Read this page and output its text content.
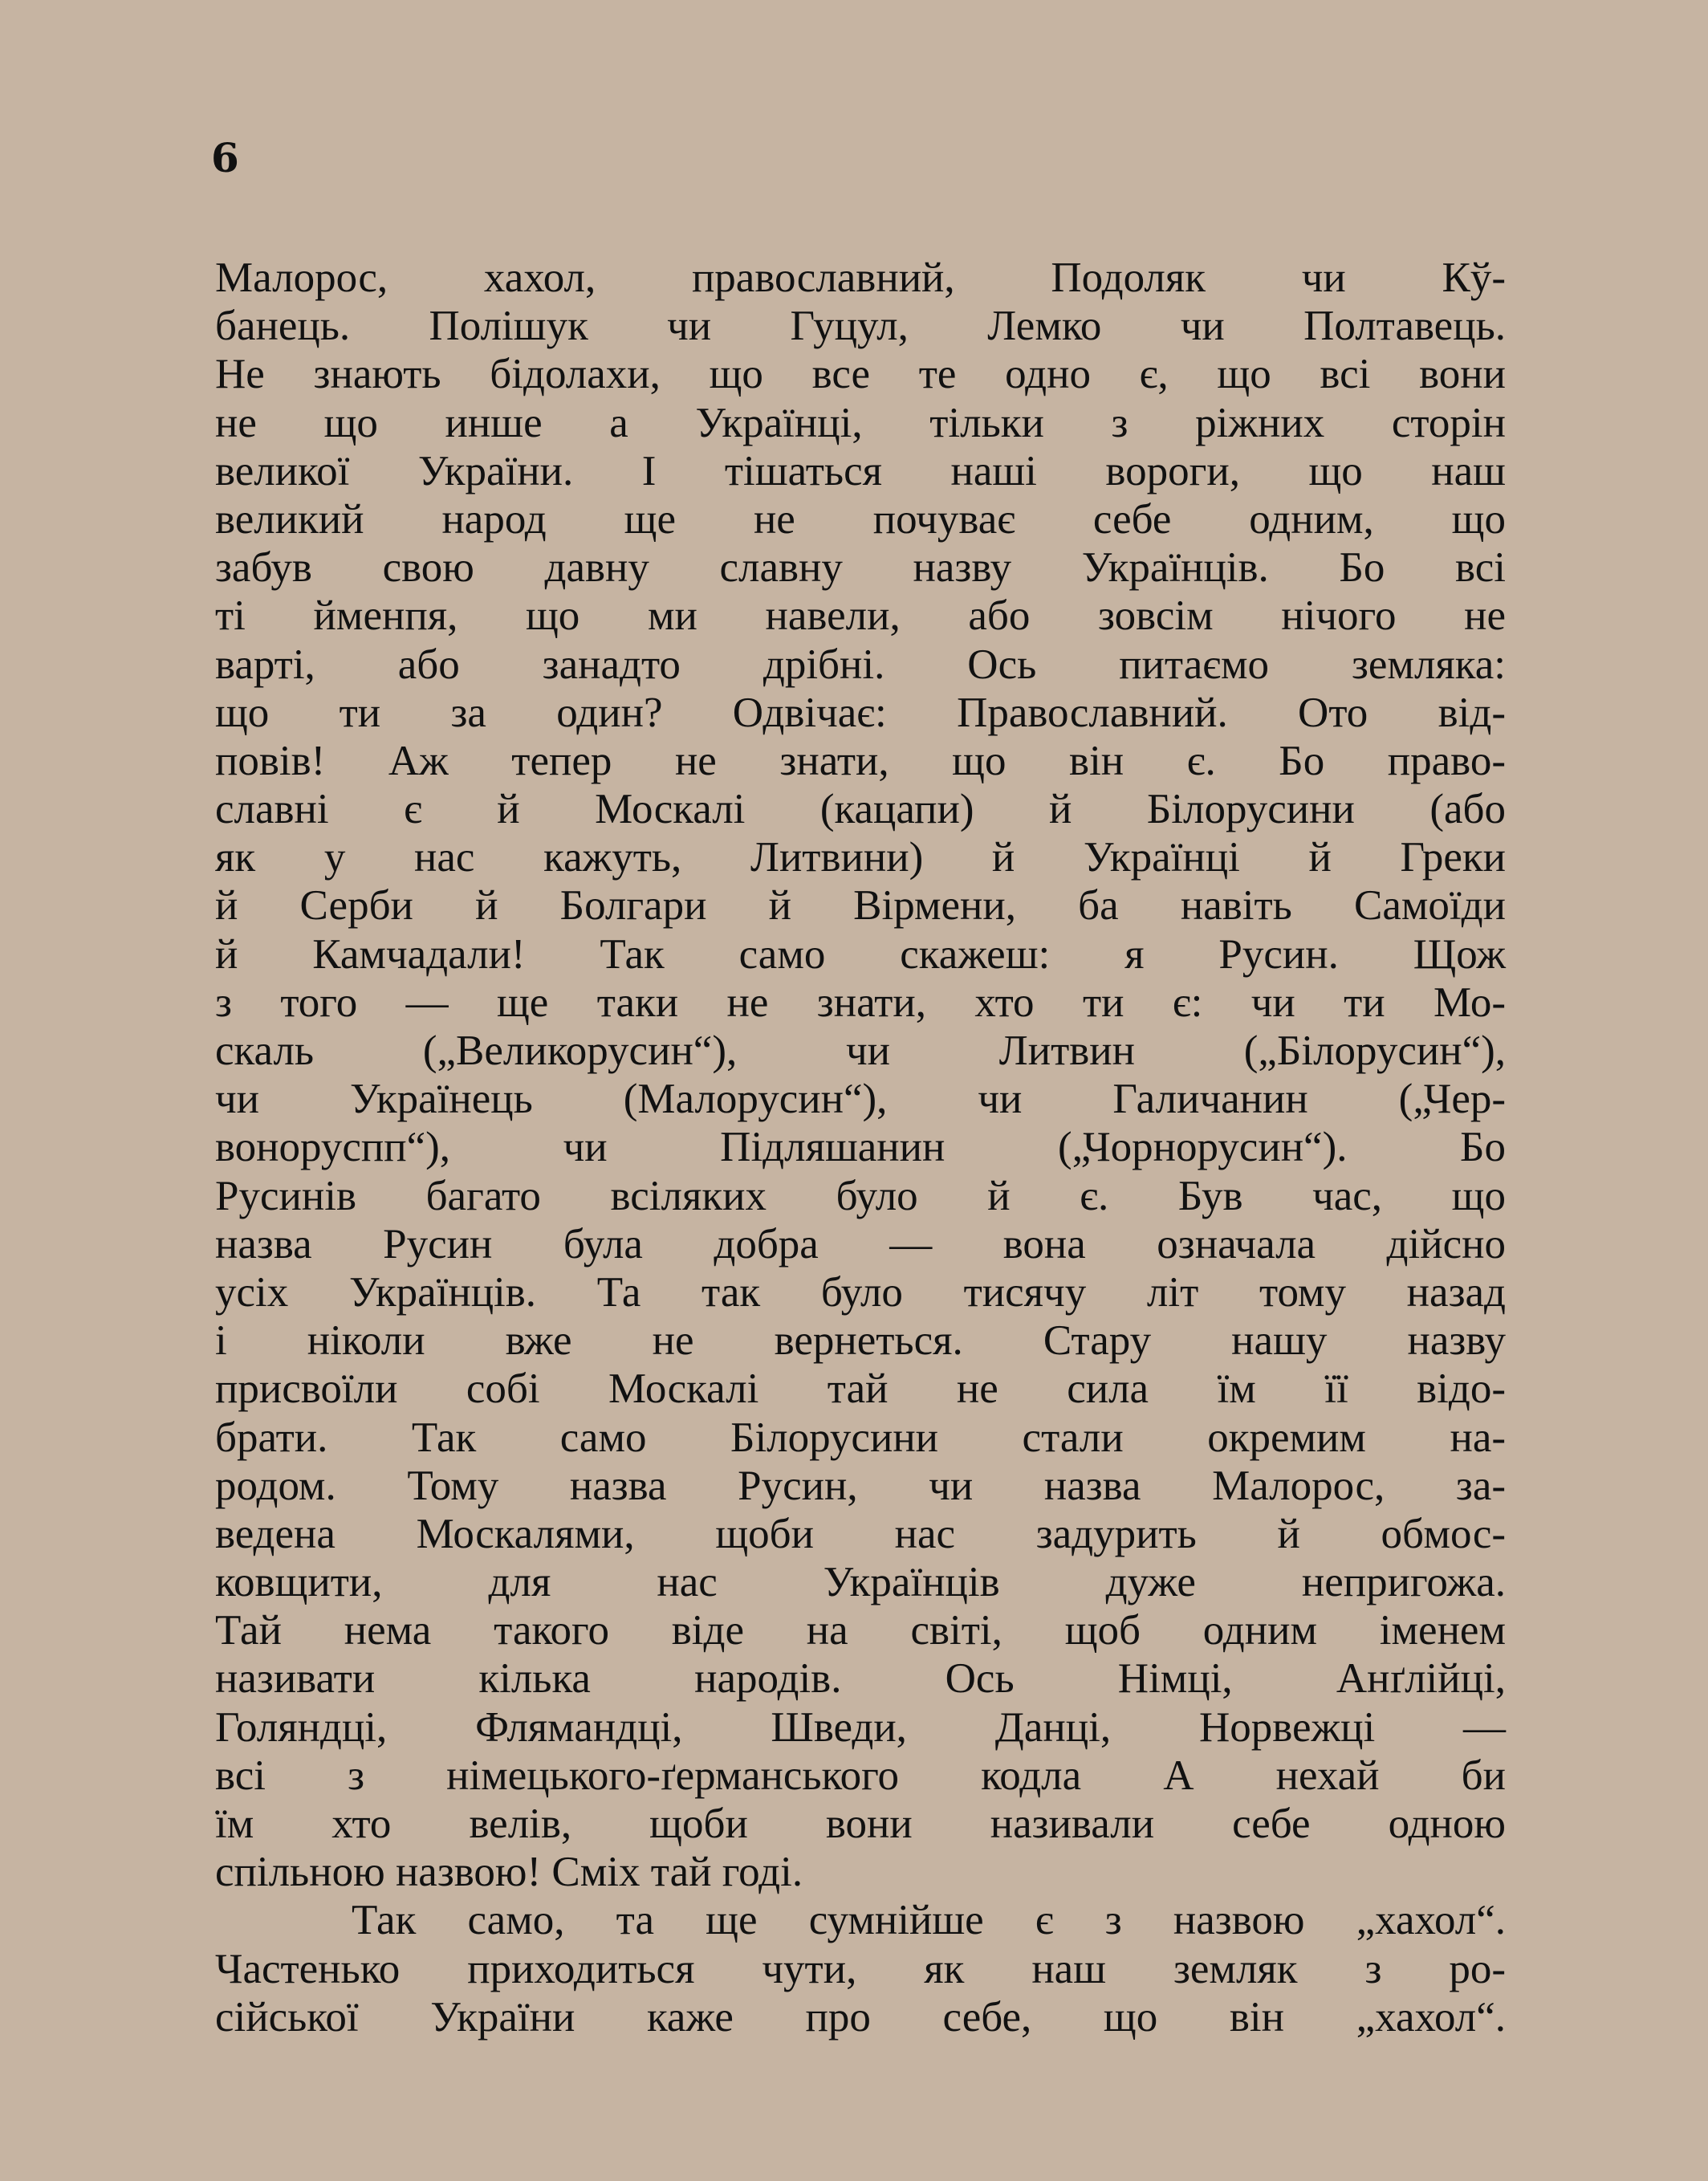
6
Малорос, хахол, православний, Подоляк чи Кў-
банець. Полішук чи Гуцул, Лемко чи Полтавець.
Не знають бідолахи, що все те одно є, що всі вони
не що инше а Українці, тільки з ріжних сторін
великої України. І тішаться наші вороги, що наш
великий народ ще не почуває себе одним, що
забув свою давну славну назву Українців. Бо всі
ті йменпя, що ми навели, або зовсім нічого не
варті, або занадто дрібні. Ось питаємо земляка:
що ти за один? Одвічає: Православний. Ото від-
повів! Аж тепер не знати, що він є. Бо право-
славні є й Москалі (кацапи) й Білорусини (або
як у нас кажуть, Литвини) й Українці й Греки
й Серби й Болгари й Вірмени, ба навіть Самоїди
й Камчадали! Так само скажеш: я Русин. Щож
з того — ще таки не знати, хто ти є: чи ти Мо-
скаль („Великорусин“), чи Литвин („Білорусин“),
чи Українець (Малорусин“), чи Галичанин („Чер-
воноруспп“), чи Підляшанин („Чорнорусин“). Бо
Русинів багато всіляких було й є. Був час, що
назва Русин була добра — вона означала дійсно
усіх Українців. Та так було тисячу літ тому назад
і ніколи вже не вернеться. Стару нашу назву
присвоїли собі Москалі тай не сила їм її відо-
брати. Так само Білорусини стали окремим на-
родом. Тому назва Русин, чи назва Малорос, за-
ведена Москалями, щоби нас задурить й обмос-
ковщити, для нас Українців дуже непригожа.
Тай нема такого віде на світі, щоб одним іменем
називати кілька народів. Ось Німці, Анґлійці,
Голяндці, Флямандці, Шведи, Данці, Норвежці —
всі з німецького-ґерманського кодла А нехай би
їм хто велів, щоби вони називали себе одною
спільною назвою! Сміх тай годі.
Так само, та ще сумнійше є з назвою „хахол“.
Частенько приходиться чути, як наш земляк з ро-
сійської України каже про себе, що він „хахол“.
